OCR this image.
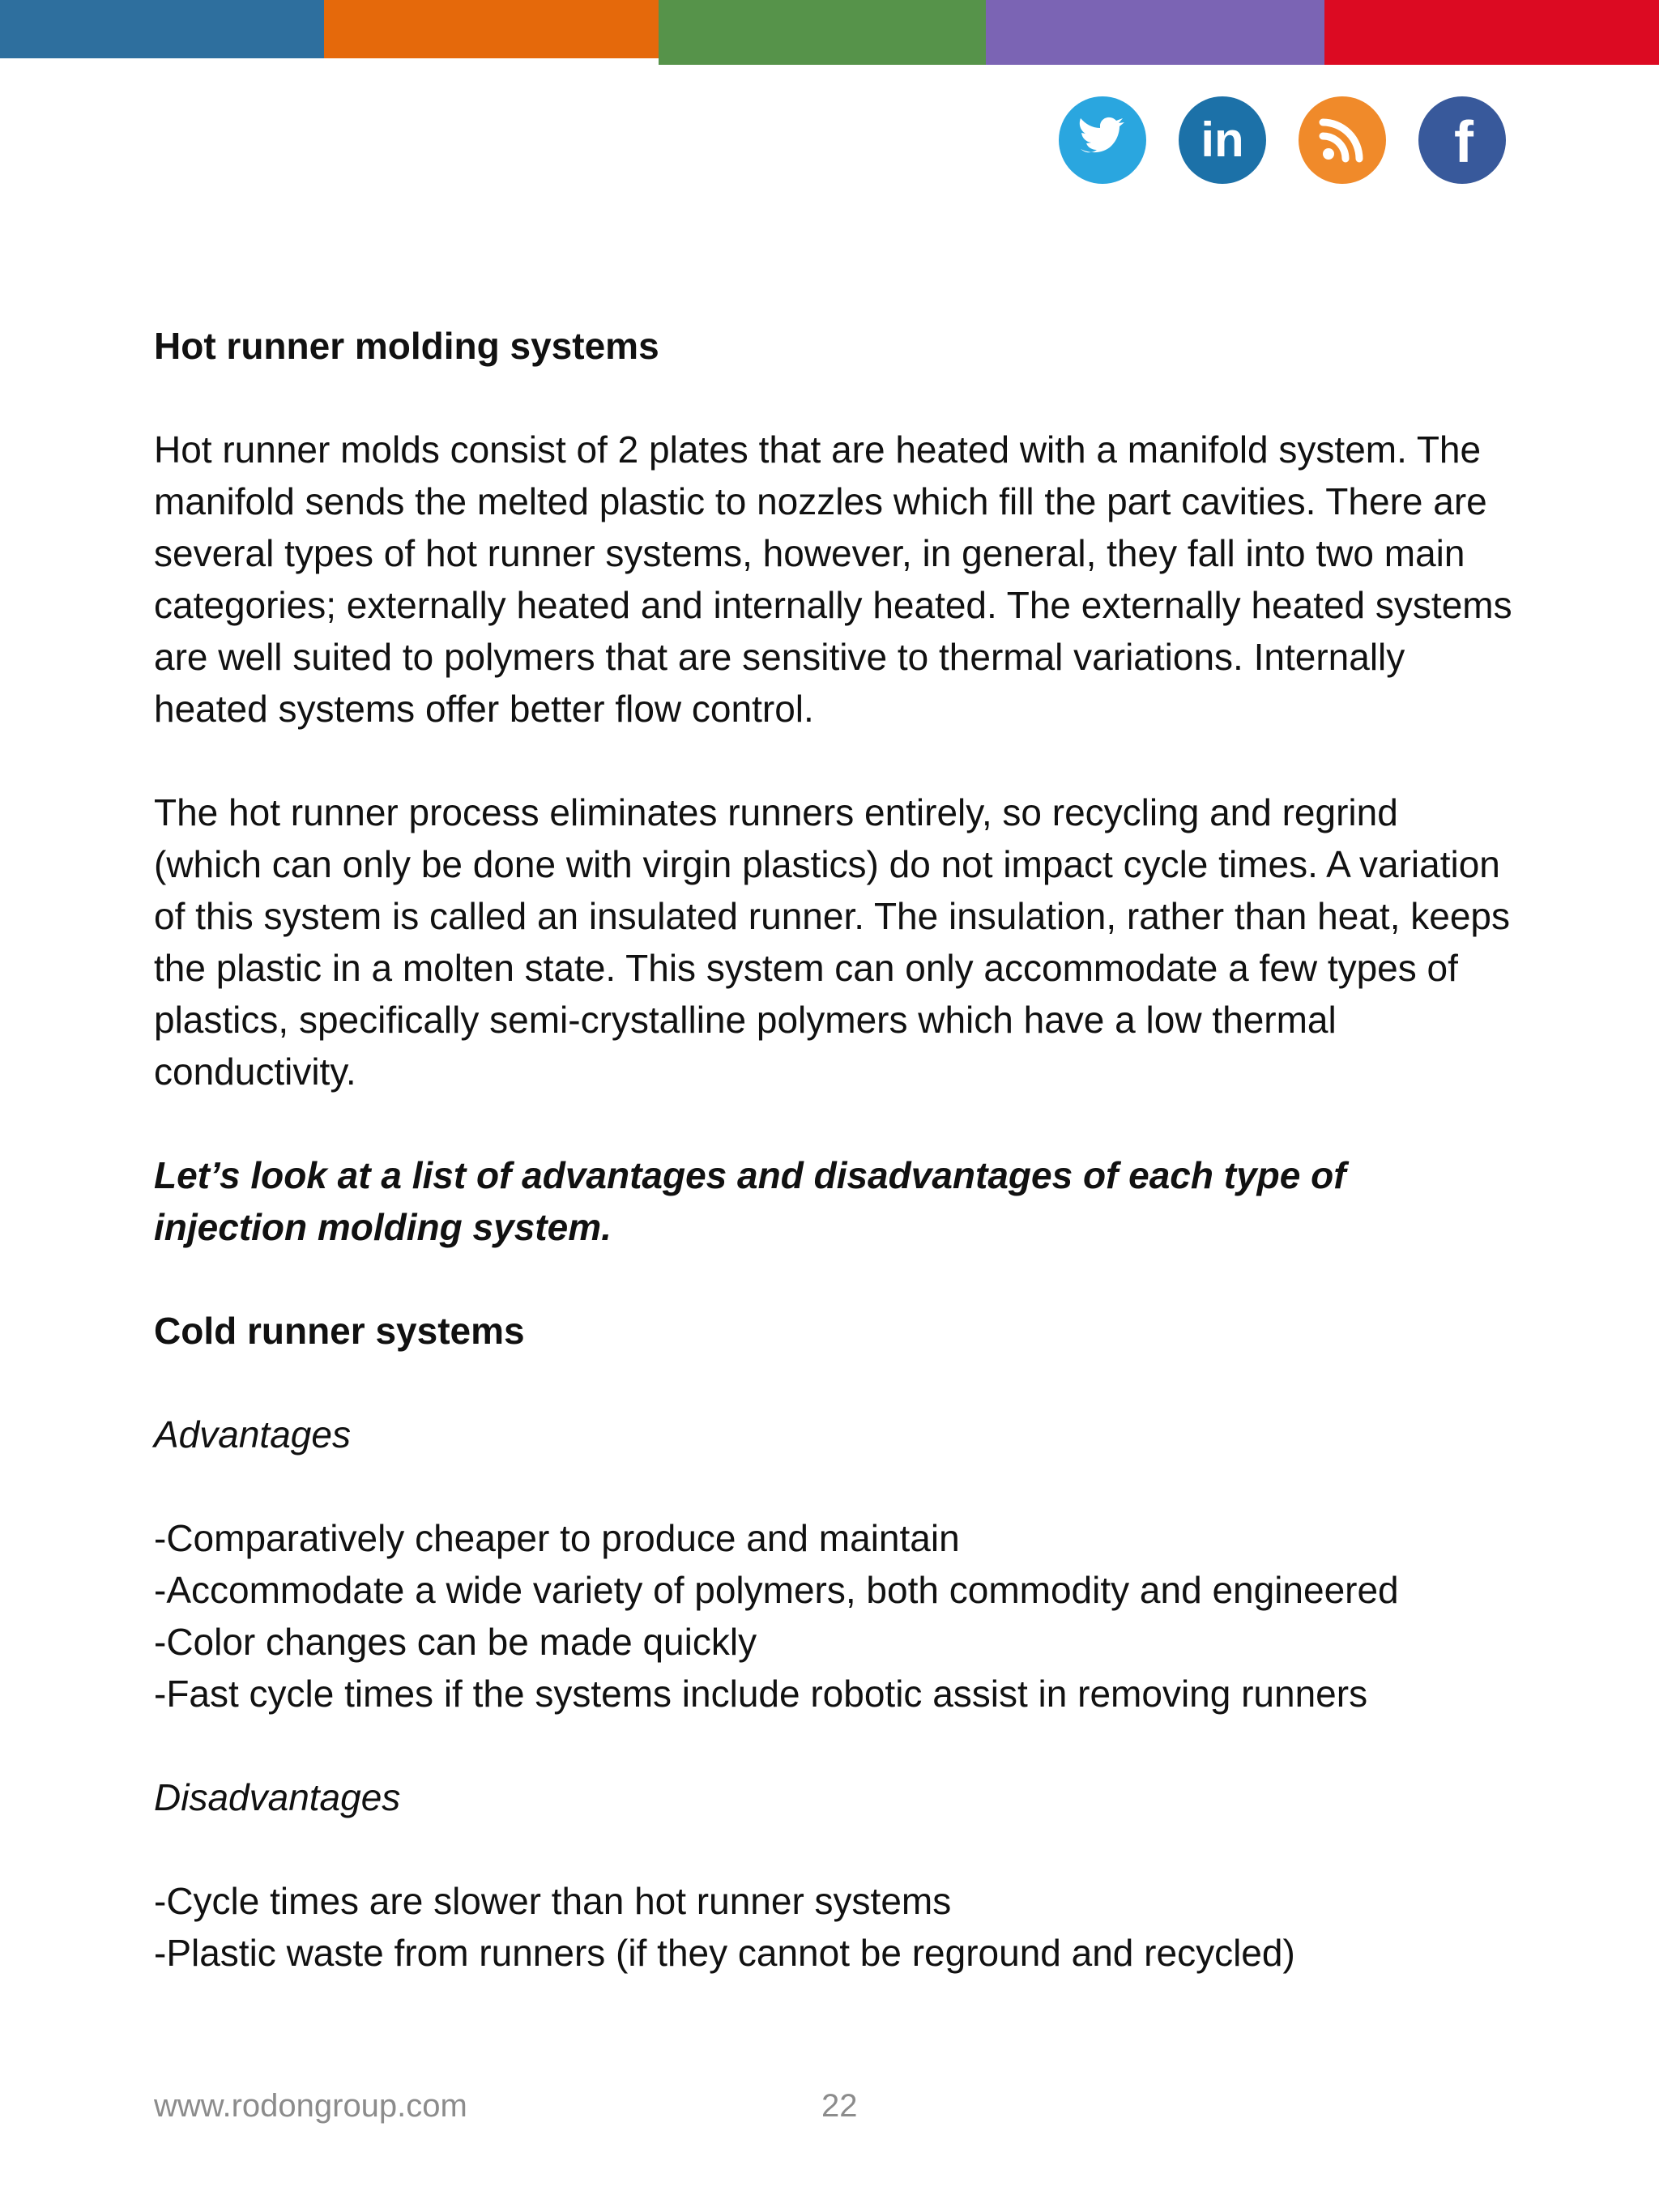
in	f

Hot runner molding systems

Hot runner molds consist of 2 plates that are heated with a manifold system. The manifold sends the melted plastic to nozzles which fill the part cavities. There are several types of hot runner systems, however, in general, they fall into two main categories; externally heated and internally heated. The externally heated systems are well suited to polymers that are sensitive to thermal variations. Internally heated systems offer better flow control.

The hot runner process eliminates runners entirely, so recycling and regrind (which can only be done with virgin plastics) do not impact cycle times. A variation of this system is called an insulated runner. The insulation, rather than heat, keeps the plastic in a molten state. This system can only accommodate a few types of plastics, specifically semi-crystalline polymers which have a low thermal conductivity.

Let’s look at a list of advantages and disadvantages of each type of injection molding system.

Cold runner systems

Advantages

-Comparatively cheaper to produce and maintain

-Accommodate a wide variety of polymers, both commodity and engineered

-Color changes can be made quickly

-Fast cycle times if the systems include robotic assist in removing runners

Disadvantages

-Cycle times are slower than hot runner systems

-Plastic waste from runners (if they cannot be reground and recycled)

www.rodongroup.com	22
